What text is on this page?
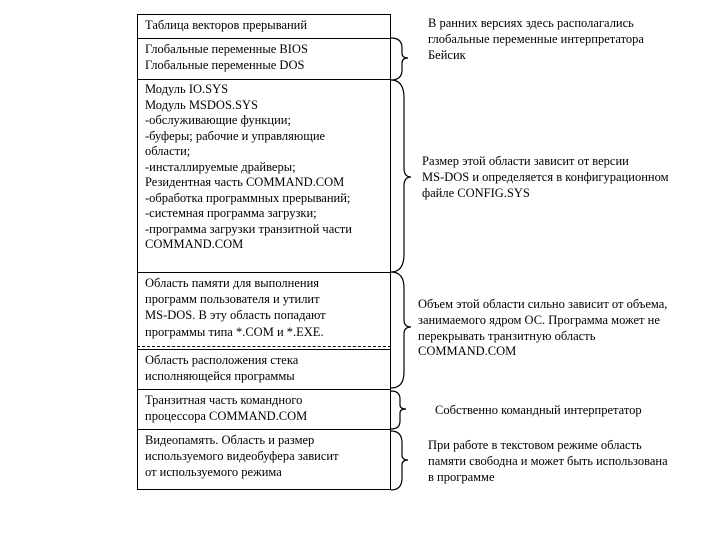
Таблица векторов прерываний
Глобальные переменные BIOS
Глобальные переменные DOS
Модуль IO.SYS
Модуль MSDOS.SYS
-обслуживающие функции;
-буферы; рабочие и управляющие
области;
-инсталлируемые драйверы;
Резидентная часть COMMAND.COM
-обработка программных прерываний;
-системная программа загрузки;
-программа загрузки транзитной части
COMMAND.COM
Область памяти для выполнения
программ пользователя и утилит
MS-DOS. В эту область попадают
программы типа *.COM и *.EXE.
Область расположения стека
исполняющейся программы
Транзитная часть командного
процессора COMMAND.COM
Видеопамять. Область и размер
используемого видеобуфера зависит
от используемого режима
В ранних версиях здесь располагались
глобальные переменные интерпретатора
Бейсик
Размер этой области зависит от версии
MS-DOS и определяется в конфигурационном
файле CONFIG.SYS
Объем этой области сильно зависит от объема,
занимаемого ядром ОС. Программа может не
перекрывать транзитную область
COMMAND.COM
Собственно командный интерпретатор
При работе в текстовом режиме область
памяти свободна и может быть использована
в программе
